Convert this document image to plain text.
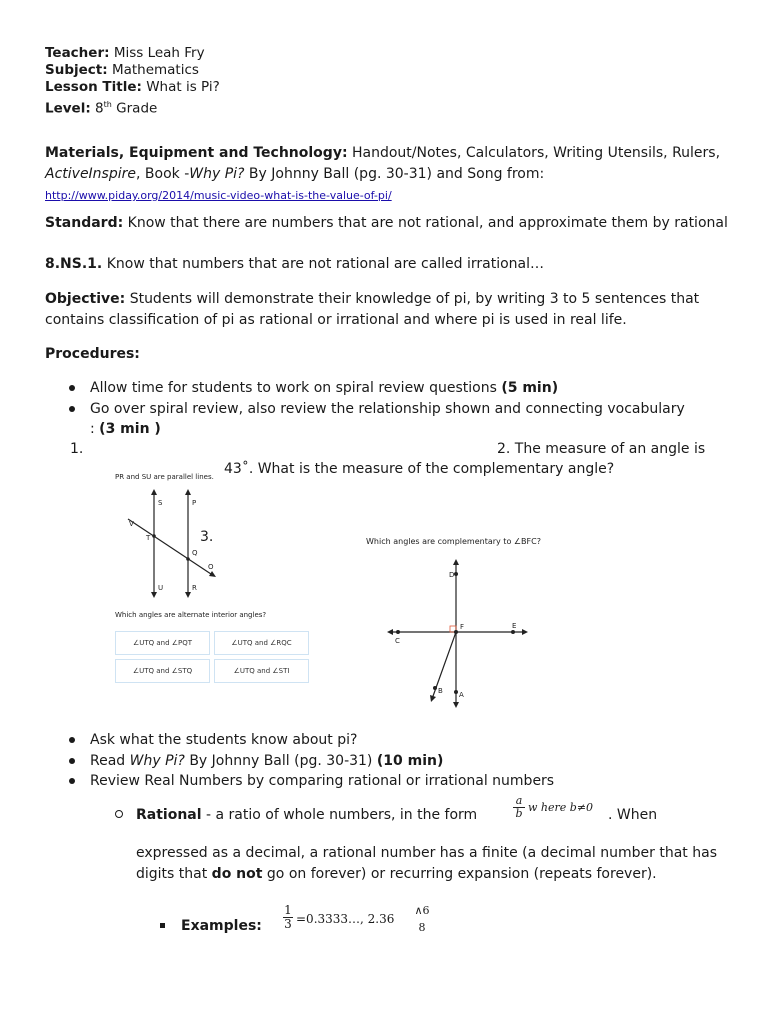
Teacher: Miss Leah Fry
Subject: Mathematics
Lesson Title: What is Pi?
Level: 8th Grade
Materials, Equipment and Technology: Handout/Notes, Calculators, Writing Utensils, Rulers, ActiveInspire, Book -Why Pi? By Johnny Ball (pg. 30-31) and Song from:
http://www.piday.org/2014/music-video-what-is-the-value-of-pi/
Standard: Know that there are numbers that are not rational, and approximate them by rational
8.NS.1. Know that numbers that are not rational are called irrational…
Objective: Students will demonstrate their knowledge of pi, by writing 3 to 5 sentences that contains classification of pi as rational or irrational and where pi is used in real life.
Procedures:
Allow time for students to work on spiral review questions (5 min)
Go over spiral review, also review the relationship shown and connecting vocabulary : (3 min )
1.	2. The measure of an angle is
43˚. What is the measure of the complementary angle?
3.
PR and SU are parallel lines.
S	P
V
T
Q
O
U	R
Which angles are alternate interior angles?
∠UTQ and ∠PQT	∠UTQ and ∠RQC
∠UTQ and ∠STQ	∠UTQ and ∠STI
Which angles are complementary to ∠BFC?
D
F	E
C
B A
Ask what the students know about pi?
Read Why Pi? By Johnny Ball (pg. 30-31) (10 min)
Review Real Numbers by comparing rational or irrational numbers
Rational - a ratio of whole numbers, in the form	$\frac{a}{b}$ w here b≠0 . When
expressed as a decimal, a rational number has a finite (a decimal number that has digits that do not go on forever) or recurring expansion (repeats forever).
Examples: $\frac{1}{3}$ =0.3333…, 2.36
∧6
8
